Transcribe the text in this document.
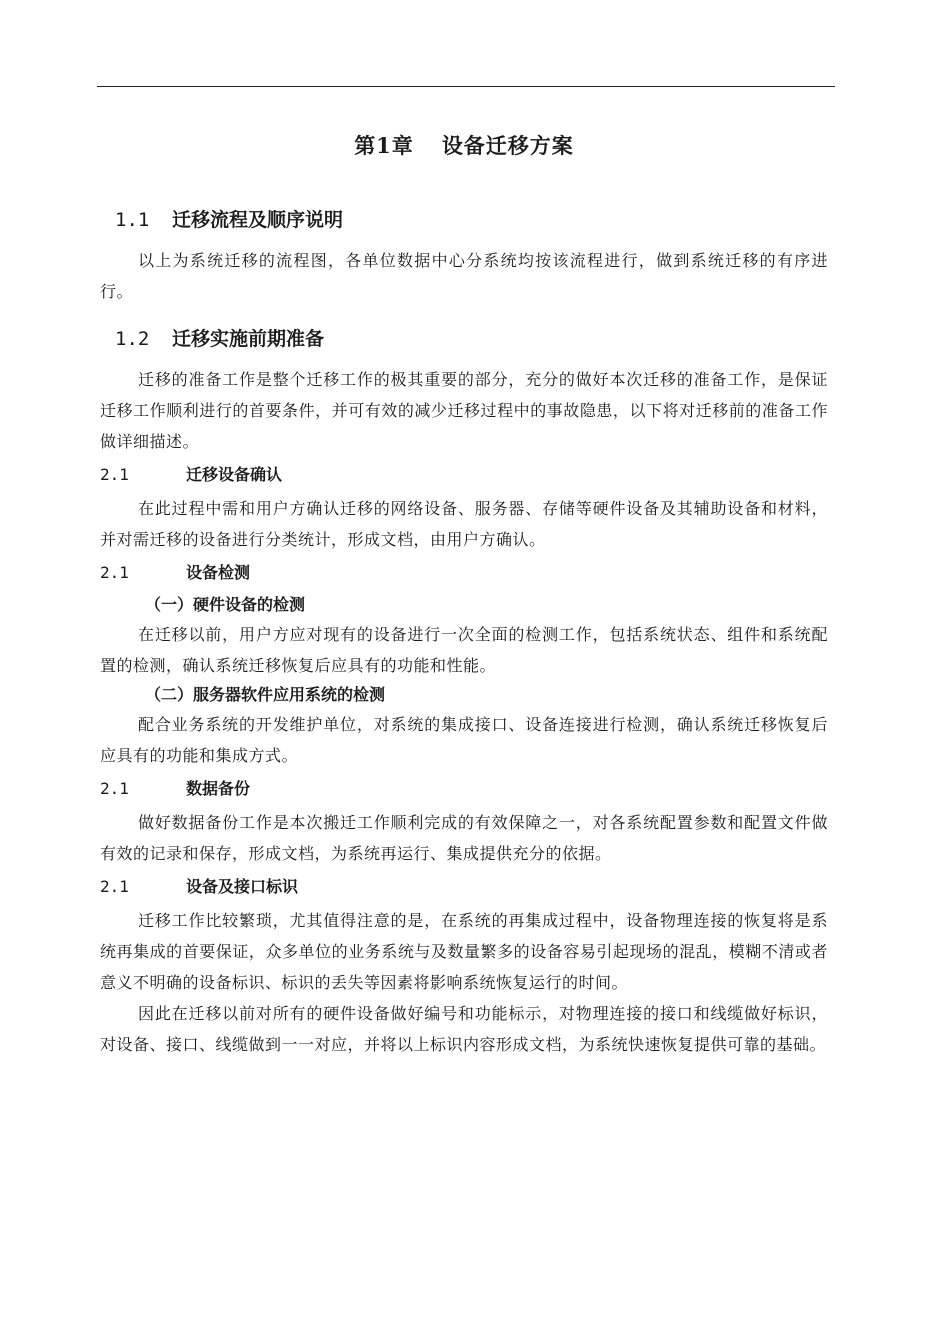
第1章 设备迁移方案
1.1 迁移流程及顺序说明
以上为系统迁移的流程图，各单位数据中心分系统均按该流程进行，做到系统迁移的有序进行。
1.2 迁移实施前期准备
迁移的准备工作是整个迁移工作的极其重要的部分，充分的做好本次迁移的准备工作，是保证迁移工作顺利进行的首要条件，并可有效的减少迁移过程中的事故隐患，以下将对迁移前的准备工作做详细描述。
2.1	迁移设备确认
在此过程中需和用户方确认迁移的网络设备、服务器、存储等硬件设备及其辅助设备和材料，并对需迁移的设备进行分类统计，形成文档，由用户方确认。
2.1	设备检测
（一）硬件设备的检测
在迁移以前，用户方应对现有的设备进行一次全面的检测工作，包括系统状态、组件和系统配置的检测，确认系统迁移恢复后应具有的功能和性能。
（二）服务器软件应用系统的检测
配合业务系统的开发维护单位，对系统的集成接口、设备连接进行检测，确认系统迁移恢复后应具有的功能和集成方式。
2.1	数据备份
做好数据备份工作是本次搬迁工作顺利完成的有效保障之一，对各系统配置参数和配置文件做有效的记录和保存，形成文档，为系统再运行、集成提供充分的依据。
2.1	设备及接口标识
迁移工作比较繁琐，尤其值得注意的是，在系统的再集成过程中，设备物理连接的恢复将是系统再集成的首要保证，众多单位的业务系统与及数量繁多的设备容易引起现场的混乱，模糊不清或者意义不明确的设备标识、标识的丢失等因素将影响系统恢复运行的时间。
因此在迁移以前对所有的硬件设备做好编号和功能标示，对物理连接的接口和线缆做好标识，对设备、接口、线缆做到一一对应，并将以上标识内容形成文档，为系统快速恢复提供可靠的基础。
